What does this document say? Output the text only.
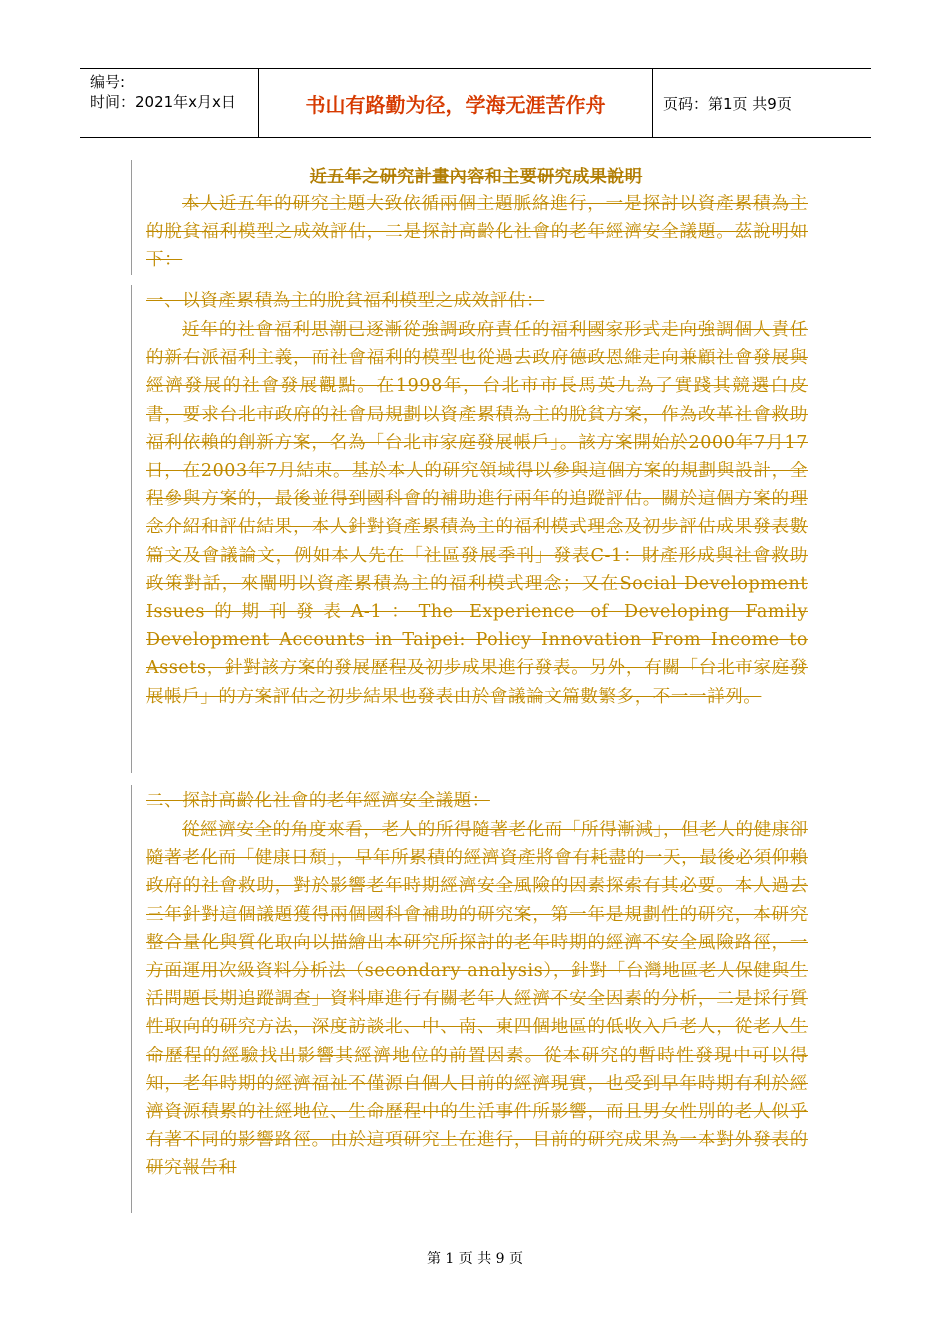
编号:
时间：2021年x月x日	书山有路勤为径，学海无涯苦作舟	页码：第1页 共9页
近五年之研究計畫內容和主要研究成果說明
本人近五年的研究主題大致依循兩個主題脈絡進行，一是探討以資產累積為主的脫貧福利模型之成效評估，二是探討高齡化社會的老年經濟安全議題。茲說明如下：
一、以資產累積為主的脫貧福利模型之成效評估：
近年的社會福利思潮已逐漸從強調政府責任的福利國家形式走向強調個人責任的新右派福利主義，而社會福利的模型也從過去政府德政恩維走向兼顧社會發展與經濟發展的社會發展觀點。在1998年，台北市市長馬英九為了實踐其競選白皮書，要求台北市政府的社會局規劃以資產累積為主的脫貧方案，作為改革社會救助福利依賴的創新方案，名為「台北市家庭發展帳戶」。該方案開始於2000年7月17日，在2003年7月結束。基於本人的研究領域得以參與這個方案的規劃與設計，全程參與方案的，最後並得到國科會的補助進行兩年的追蹤評估。關於這個方案的理念介紹和評估結果，本人針對資產累積為主的福利模式理念及初步評估成果發表數篇文及會議論文，例如本人先在「社區發展季刊」發表C-1：財產形成與社會救助政策對話，來闡明以資產累積為主的福利模式理念；又在Social Development Issues的期刊發表A-1：The Experience of Developing Family Development Accounts in Taipei: Policy Innovation From Income to Assets，針對該方案的發展歷程及初步成果進行發表。另外，有關「台北市家庭發展帳戶」的方案評估之初步結果也發表由於會議論文篇數繁多，不一一詳列。
二、探討高齡化社會的老年經濟安全議題：
從經濟安全的角度來看，老人的所得隨著老化而「所得漸減」，但老人的健康卻隨著老化而「健康日頹」，早年所累積的經濟資產將會有耗盡的一天，最後必須仰賴政府的社會救助，對於影響老年時期經濟安全風險的因素探索有其必要。本人過去三年針對這個議題獲得兩個國科會補助的研究案，第一年是規劃性的研究，本研究整合量化與質化取向以描繪出本研究所探討的老年時期的經濟不安全風險路徑，一方面運用次級資料分析法（secondary analysis），針對「台灣地區老人保健與生活問題長期追蹤調查」資料庫進行有關老年人經濟不安全因素的分析，二是採行質性取向的研究方法，深度訪談北、中、南、東四個地區的低收入戶老人，從老人生命歷程的經驗找出影響其經濟地位的前置因素。從本研究的暫時性發現中可以得知，老年時期的經濟福祉不僅源自個人目前的經濟現實，也受到早年時期有利於經濟資源積累的社經地位、生命歷程中的生活事件所影響，而且男女性別的老人似乎有著不同的影響路徑。由於這項研究上在進行，目前的研究成果為一本對外發表的研究報告和
第 1 页 共 9 页
